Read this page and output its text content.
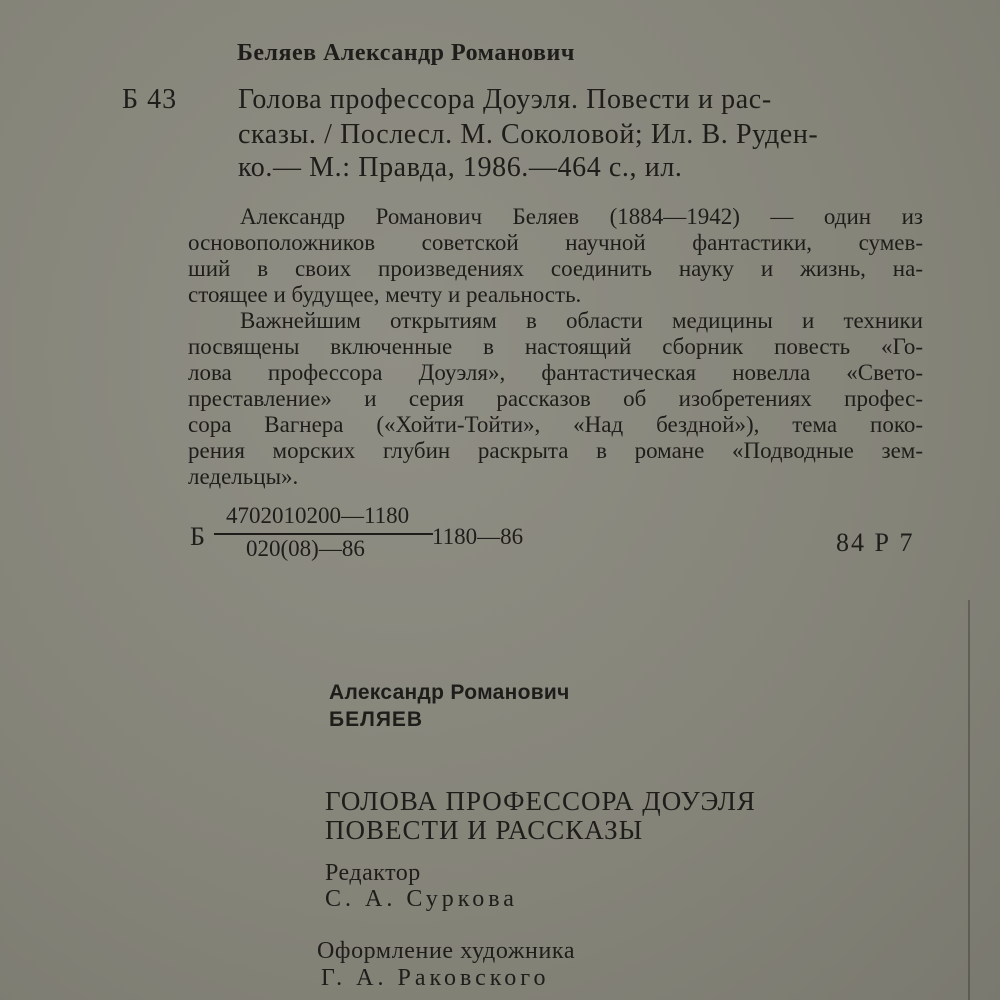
Беляев Александр Романович
Б 43 Голова профессора Доуэля. Повести и рас-
сказы. / Послесл. М. Соколовой; Ил. В. Руден-
ко.— М.: Правда, 1986.—464 с., ил.
Александр Романович Беляев (1884—1942) — один из
основоположников советской научной фантастики, сумев-
ший в своих произведениях соединить науку и жизнь, на-
стоящее и будущее, мечту и реальность.
Важнейшим открытиям в области медицины и техники
посвящены включенные в настоящий сборник повесть «Го-
лова профессора Доуэля», фантастическая новелла «Свето-
преставление» и серия рассказов об изобретениях профес-
сора Вагнера («Хойти-Тойти», «Над бездной»), тема поко-
рения морских глубин раскрыта в романе «Подводные зем-
ледельцы».
Б
4702010200—1180
020(08)—86	1180—86	84 Р 7
Александр Романович
БЕЛЯЕВ
ГОЛОВА ПРОФЕССОРА ДОУЭЛЯ
ПОВЕСТИ И РАССКАЗЫ
Редактор
С. А. Суркова
Оформление художника
Г. А. Раковского
